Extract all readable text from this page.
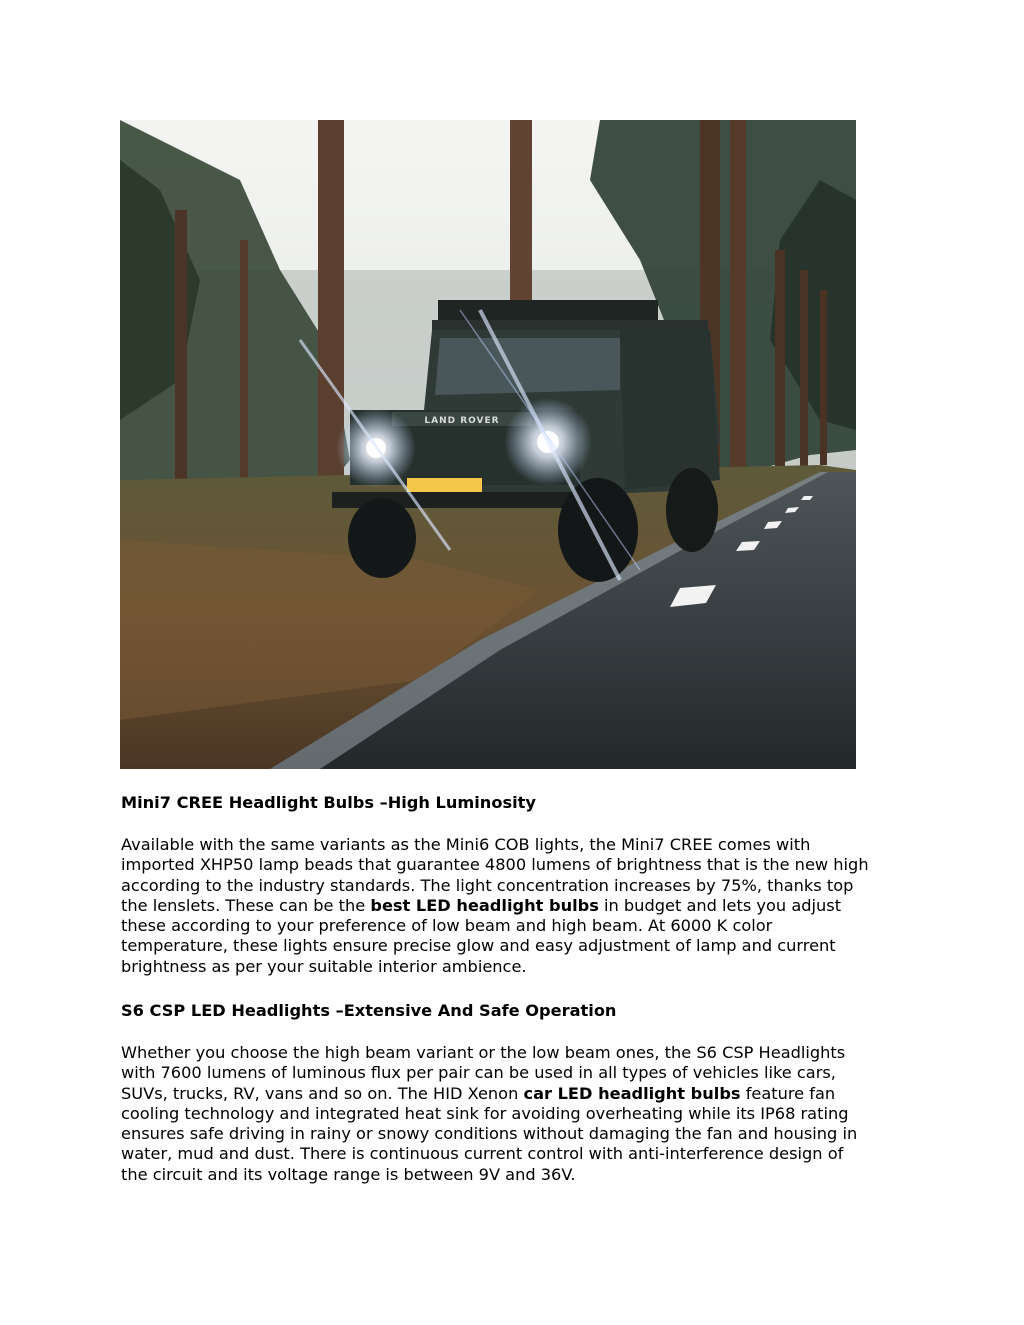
LAND ROVER
Mini7 CREE Headlight Bulbs –High Luminosity
Available with the same variants as the Mini6 COB lights, the Mini7 CREE comes with
imported XHP50 lamp beads that guarantee 4800 lumens of brightness that is the new high
according to the industry standards. The light concentration increases by 75%, thanks top
the lenslets. These can be the best LED headlight bulbs in budget and lets you adjust
these according to your preference of low beam and high beam. At 6000 K color
temperature, these lights ensure precise glow and easy adjustment of lamp and current
brightness as per your suitable interior ambience.
S6 CSP LED Headlights –Extensive And Safe Operation
Whether you choose the high beam variant or the low beam ones, the S6 CSP Headlights
with 7600 lumens of luminous flux per pair can be used in all types of vehicles like cars,
SUVs, trucks, RV, vans and so on. The HID Xenon car LED headlight bulbs feature fan
cooling technology and integrated heat sink for avoiding overheating while its IP68 rating
ensures safe driving in rainy or snowy conditions without damaging the fan and housing in
water, mud and dust. There is continuous current control with anti-interference design of
the circuit and its voltage range is between 9V and 36V.
